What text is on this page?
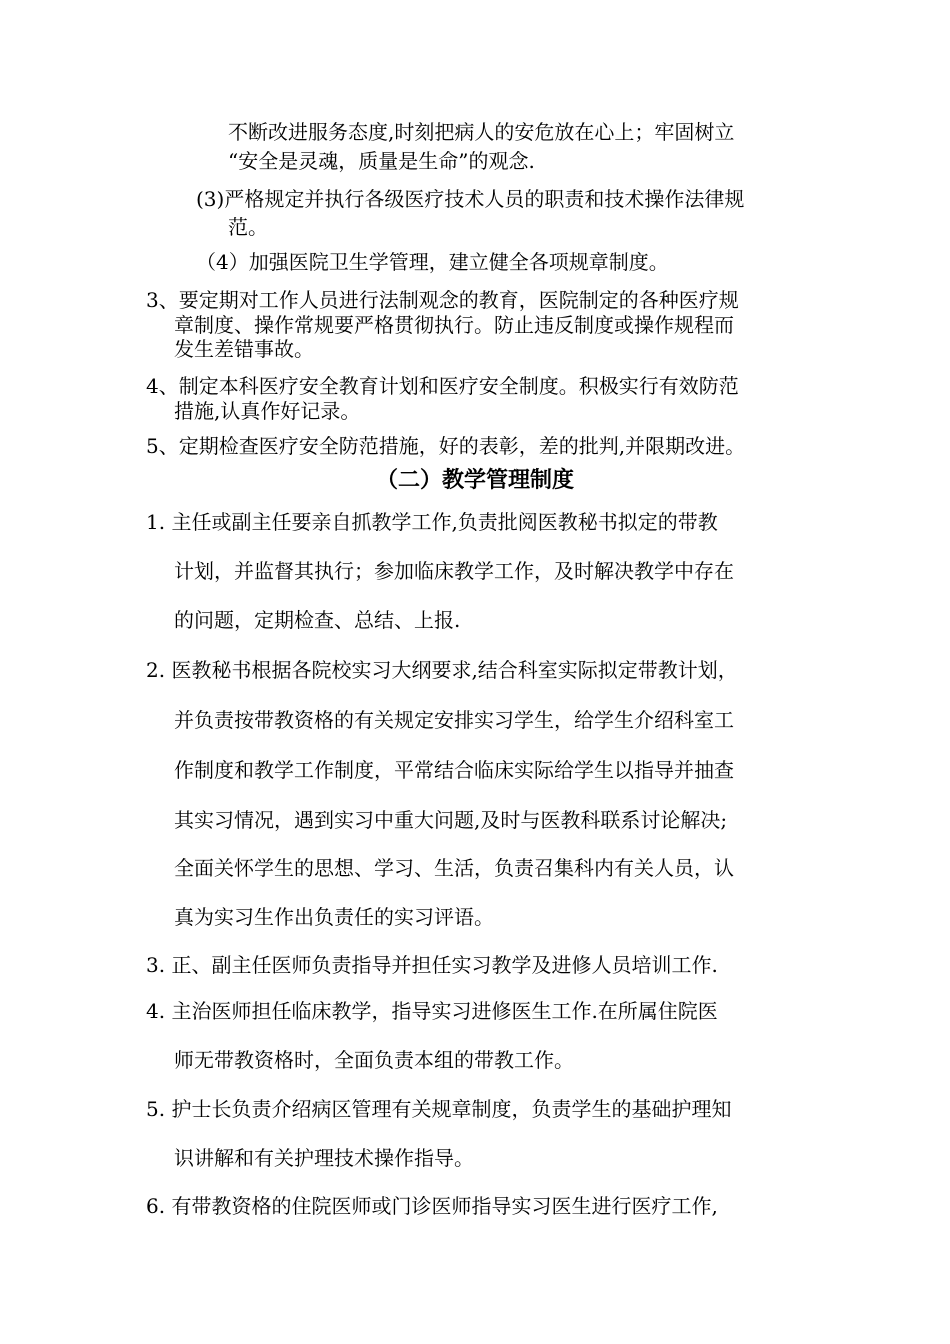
不断改进服务态度,时刻把病人的安危放在心上；牢固树立
“安全是灵魂，质量是生命”的观念.
(3)严格规定并执行各级医疗技术人员的职责和技术操作法律规
范。
（4）加强医院卫生学管理，建立健全各项规章制度。
3、要定期对工作人员进行法制观念的教育，医院制定的各种医疗规
章制度、操作常规要严格贯彻执行。防止违反制度或操作规程而
发生差错事故。
4、制定本科医疗安全教育计划和医疗安全制度。积极实行有效防范
措施,认真作好记录。
5、定期检查医疗安全防范措施，好的表彰，差的批判,并限期改进。
（二）教学管理制度
1. 主任或副主任要亲自抓教学工作,负责批阅医教秘书拟定的带教
计划，并监督其执行；参加临床教学工作，及时解决教学中存在
的问题，定期检查、总结、上报.
2. 医教秘书根据各院校实习大纲要求,结合科室实际拟定带教计划，
并负责按带教资格的有关规定安排实习学生，给学生介绍科室工
作制度和教学工作制度，平常结合临床实际给学生以指导并抽查
其实习情况，遇到实习中重大问题,及时与医教科联系讨论解决;
全面关怀学生的思想、学习、生活，负责召集科内有关人员，认
真为实习生作出负责任的实习评语。
3. 正、副主任医师负责指导并担任实习教学及进修人员培训工作.
4. 主治医师担任临床教学，指导实习进修医生工作.在所属住院医
师无带教资格时，全面负责本组的带教工作。
5. 护士长负责介绍病区管理有关规章制度，负责学生的基础护理知
识讲解和有关护理技术操作指导。
6. 有带教资格的住院医师或门诊医师指导实习医生进行医疗工作,
